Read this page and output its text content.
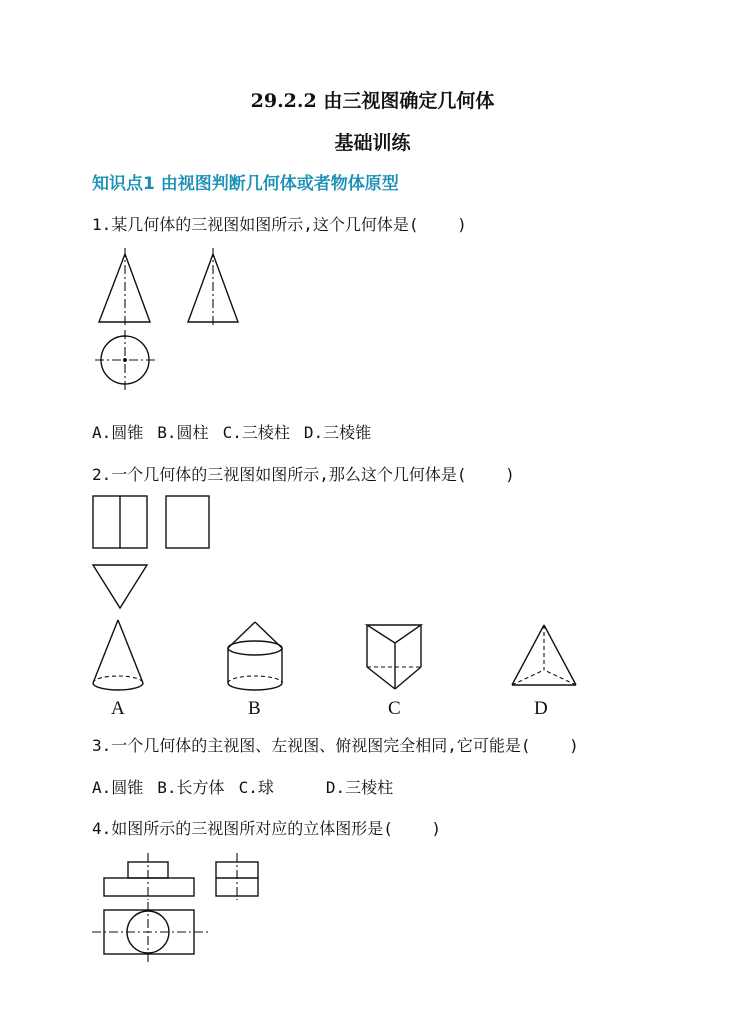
29.2.2 由三视图确定几何体
基础训练
知识点1 由视图判断几何体或者物体原型
1.某几何体的三视图如图所示,这个几何体是(    )
A.圆锥 B.圆柱 C.三棱柱 D.三棱锥
2.一个几何体的三视图如图所示,那么这个几何体是(    )
A	B	C	D
3.一个几何体的主视图、左视图、俯视图完全相同,它可能是(    )
A.圆锥 B.长方体 C.球	D.三棱柱
4.如图所示的三视图所对应的立体图形是(    )
